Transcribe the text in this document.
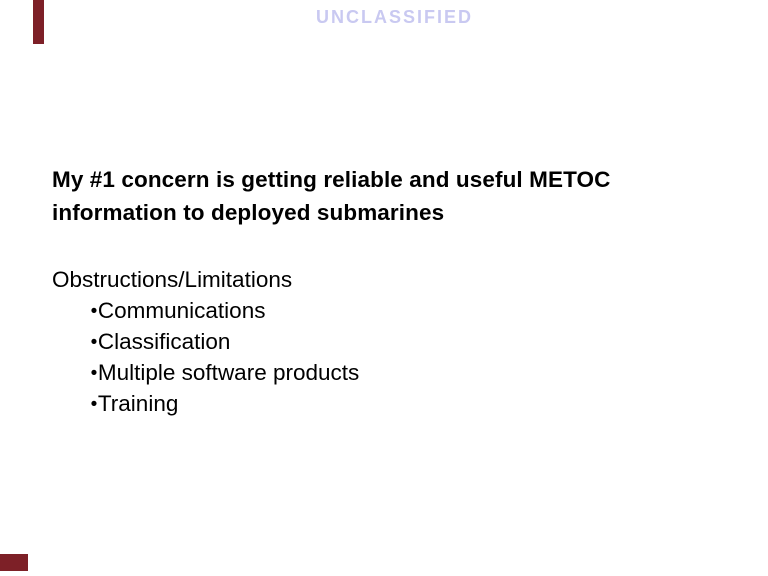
UNCLASSIFIED
My #1 concern is getting reliable and useful METOC
information to deployed submarines
Obstructions/Limitations
•Communications
•Classification
•Multiple software products
•Training
